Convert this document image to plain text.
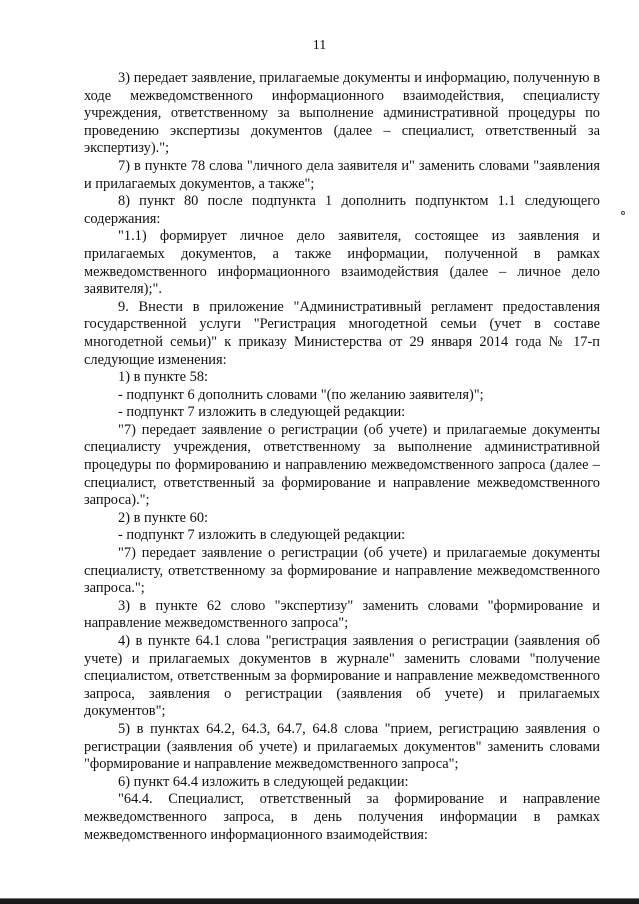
11

3) передает заявление, прилагаемые документы и информацию, полученную в ходе межведомственного информационного взаимодействия, специалисту учреждения, ответственному за выполнение административной процедуры по проведению экспертизы документов (далее – специалист, ответственный за экспертизу).";

7) в пункте 78 слова "личного дела заявителя и" заменить словами "заявления и прилагаемых документов, а также";

8) пункт 80 после подпункта 1 дополнить подпунктом 1.1 следующего содержания:

"1.1) формирует личное дело заявителя, состоящее из заявления и прилагаемых документов, а также информации, полученной в рамках межведомственного информационного взаимодействия (далее – личное дело заявителя);".

9. Внести в приложение "Административный регламент предоставления государственной услуги "Регистрация многодетной семьи (учет в составе многодетной семьи)" к приказу Министерства от 29 января 2014 года № 17-п следующие изменения:

1) в пункте 58:

- подпункт 6 дополнить словами "(по желанию заявителя)";

- подпункт 7 изложить в следующей редакции:

"7) передает заявление о регистрации (об учете) и прилагаемые документы специалисту учреждения, ответственному за выполнение административной процедуры по формированию и направлению межведомственного запроса (далее – специалист, ответственный за формирование и направление межведомственного запроса).";

2) в пункте 60:

- подпункт 7 изложить в следующей редакции:

"7) передает заявление о регистрации (об учете) и прилагаемые документы специалисту, ответственному за формирование и направление межведомственного запроса.";

3) в пункте 62 слово "экспертизу" заменить словами "формирование и направление межведомственного запроса";

4) в пункте 64.1 слова "регистрация заявления о регистрации (заявления об учете) и прилагаемых документов в журнале" заменить словами "получение специалистом, ответственным за формирование и направление межведомственного запроса, заявления о регистрации (заявления об учете) и прилагаемых документов";

5) в пунктах 64.2, 64.3, 64.7, 64.8 слова "прием, регистрацию заявления о регистрации (заявления об учете) и прилагаемых документов" заменить словами "формирование и направление межведомственного запроса";

6) пункт 64.4 изложить в следующей редакции:

"64.4. Специалист, ответственный за формирование и направление межведомственного запроса, в день получения информации в рамках межведомственного информационного взаимодействия:
